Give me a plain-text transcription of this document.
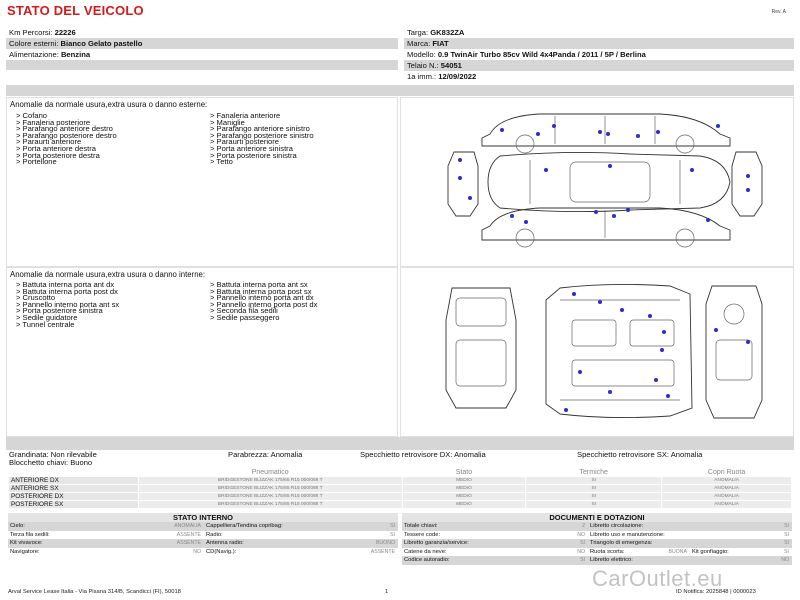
STATO DEL VEICOLO	Rev. A
Km Percorsi: 22226
Colore esterni: Bianco Gelato pastello
Alimentazione: Benzina
Targa: GK832ZA
Marca: FIAT
Modello: 0.9 TwinAir Turbo 85cv Wild 4x4Panda / 2011 / 5P / Berlina
Telaio N.: 54051
1a imm.: 12/09/2022
Anomalie da normale usura,extra usura o danno esterne:
> Cofano
> Fanaleria posteriore
> Parafango anteriore destro
> Parafango posteriore destro
> Paraurti anteriore
> Porta anteriore destra
> Porta posteriore destra
> Portellone
> Fanaleria anteriore
> Maniglie
> Parafango anteriore sinistro
> Parafango posteriore sinistro
> Paraurti posteriore
> Porta anteriore sinistra
> Porta posteriore sinistra
> Tetto
Anomalie da normale usura,extra usura o danno interne:
> Battuta interna porta ant dx
> Battuta interna porta post dx
> Cruscotto
> Pannello interno porta ant sx
> Porta posteriore sinistra
> Sedile guidatore
> Tunnel centrale
> Battuta interna porta ant sx
> Battuta interna porta post sx
> Pannello interno porta ant dx
> Pannello interno porta post dx
> Seconda fila sedili
> Sedile passeggero
Grandinata: Non rilevabile	Parabrezza: Anomalia	Specchietto retrovisore DX: Anomalia	Specchietto retrovisore SX: Anomalia
Blocchetto chiavi: Buono
	Pneumatico	Stato	Termiche	Copri Ruota
ANTERIORE DX	BRIDGESTONE BLIZZAK 175/65 R15 000/088 T	MEDIO	SI	ANOMALIA
ANTERIORE SX	BRIDGESTONE BLIZZAK 175/65 R15 000/088 T	MEDIO	SI	ANOMALIA
POSTERIORE DX	BRIDGESTONE BLIZZAK 175/65 R15 000/088 T	MEDIO	SI	ANOMALIA
POSTERIORE SX	BRIDGESTONE BLIZZAK 175/65 R15 000/088 T	MEDIO	SI	ANOMALIA
STATO INTERNO
Cielo:	ANOMALIA
Terza fila sedili:	ASSENTE
Kit vivavoce:	ASSENTE
Navigatore:	NO
Cappelliera/Tendina copribag:	SI
Radio:	SI
Antenna radio:	BUONO
CD(Navig.):	ASSENTE
DOCUMENTI E DOTAZIONI
Totale chiavi:	2
Tessere code:	NO
Libretto garanzia/service:	SI
Catene da neve:	NO
Codice autoradio:	SI
Libretto circolazione:	SI
Libretto uso e manutenzione:	SI
Triangolo di emergenza:	SI
Ruota scorta:	BUONA Kit gonfiaggio:	SI
Libretto elettrico:	NO
Arval Service Lease Italia - Via Pisana 314/B, Scandicci (FI), 50018	1	ID Notifica: 2025848 | 0000023
CarOutlet.eu
